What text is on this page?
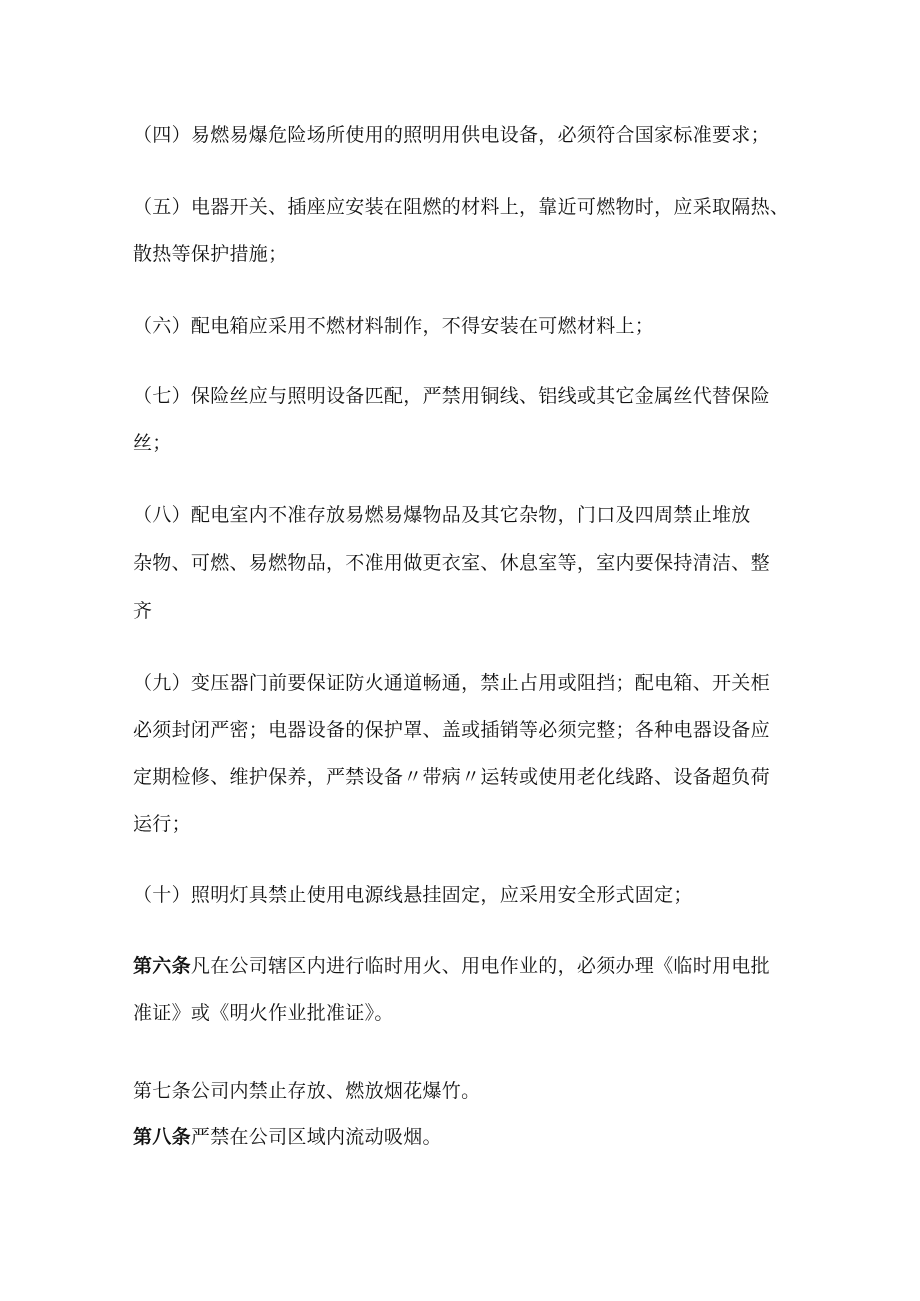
（四）易燃易爆危险场所使用的照明用供电设备，必须符合国家标准要求；
（五）电器开关、插座应安装在阻燃的材料上，靠近可燃物时，应采取隔热、
散热等保护措施；
（六）配电箱应采用不燃材料制作，不得安装在可燃材料上；
（七）保险丝应与照明设备匹配，严禁用铜线、铝线或其它金属丝代替保险
丝；
（八）配电室内不准存放易燃易爆物品及其它杂物，门口及四周禁止堆放
杂物、可燃、易燃物品，不准用做更衣室、休息室等，室内要保持清洁、整
齐
（九）变压器门前要保证防火通道畅通，禁止占用或阻挡；配电箱、开关柜
必须封闭严密；电器设备的保护罩、盖或插销等必须完整；各种电器设备应
定期检修、维护保养，严禁设备〃带病〃运转或使用老化线路、设备超负荷
运行；
（十）照明灯具禁止使用电源线悬挂固定，应采用安全形式固定；
第六条凡在公司辖区内进行临时用火、用电作业的，必须办理《临时用电批
准证》或《明火作业批准证》。
第七条公司内禁止存放、燃放烟花爆竹。
第八条严禁在公司区域内流动吸烟。
